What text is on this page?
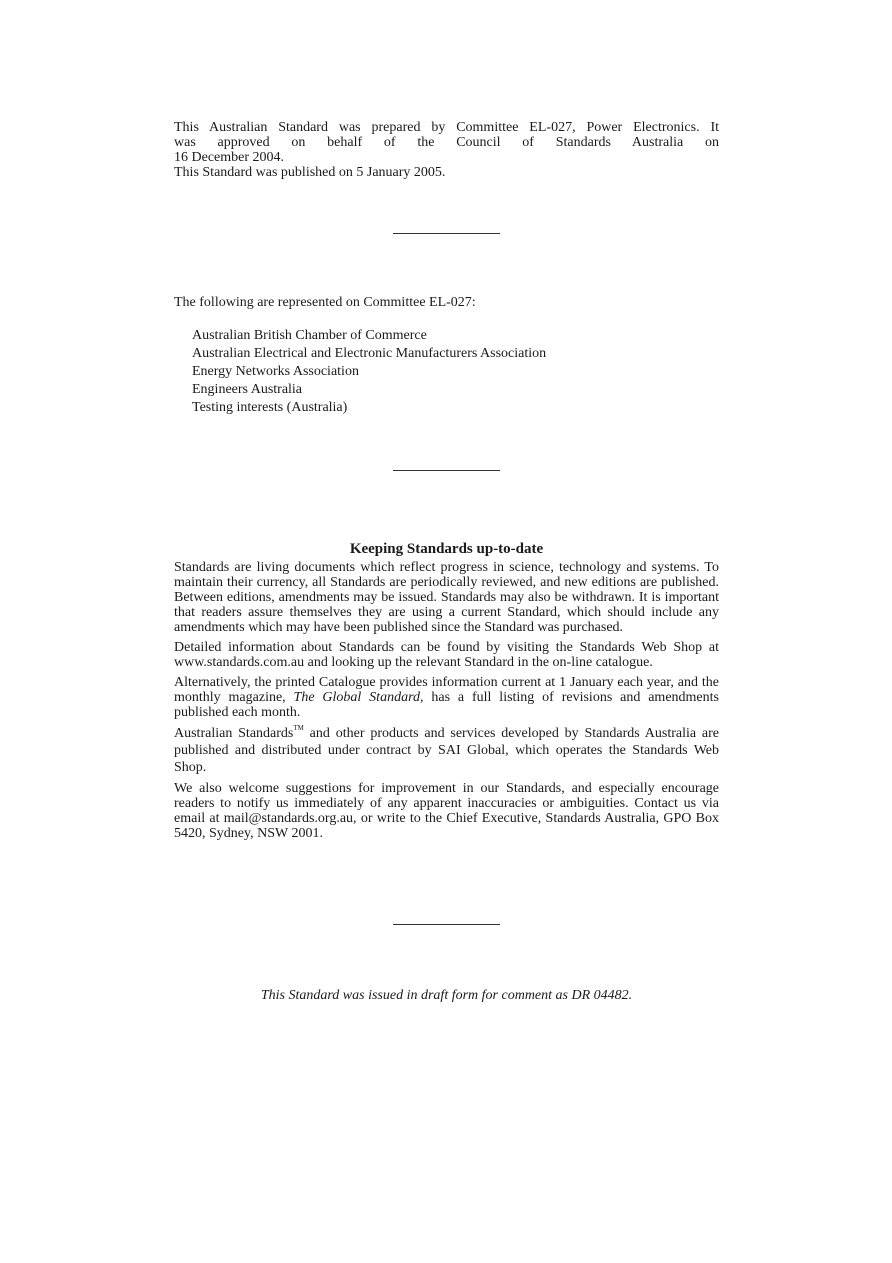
This Australian Standard was prepared by Committee EL-027, Power Electronics. It

was approved on behalf of the Council of Standards Australia on

16 December 2004.

This Standard was published on 5 January 2005.

The following are represented on Committee EL-027:

Australian British Chamber of Commerce
Australian Electrical and Electronic Manufacturers Association
Energy Networks Association
Engineers Australia
Testing interests (Australia)
Keeping Standards up-to-date

Standards are living documents which reflect progress in science, technology and systems. To maintain their currency, all Standards are periodically reviewed, and new editions are published. Between editions, amendments may be issued. Standards may also be withdrawn. It is important that readers assure themselves they are using a current Standard, which should include any amendments which may have been published since the Standard was purchased.

Detailed information about Standards can be found by visiting the Standards Web Shop at www.standards.com.au and looking up the relevant Standard in the on-line catalogue.

Alternatively, the printed Catalogue provides information current at 1 January each year, and the monthly magazine, The Global Standard, has a full listing of revisions and amendments published each month.

Australian Standards™ and other products and services developed by Standards Australia are published and distributed under contract by SAI Global, which operates the Standards Web Shop.

We also welcome suggestions for improvement in our Standards, and especially encourage readers to notify us immediately of any apparent inaccuracies or ambiguities. Contact us via email at mail@standards.org.au, or write to the Chief Executive, Standards Australia, GPO Box 5420, Sydney, NSW 2001.

This Standard was issued in draft form for comment as DR 04482.
